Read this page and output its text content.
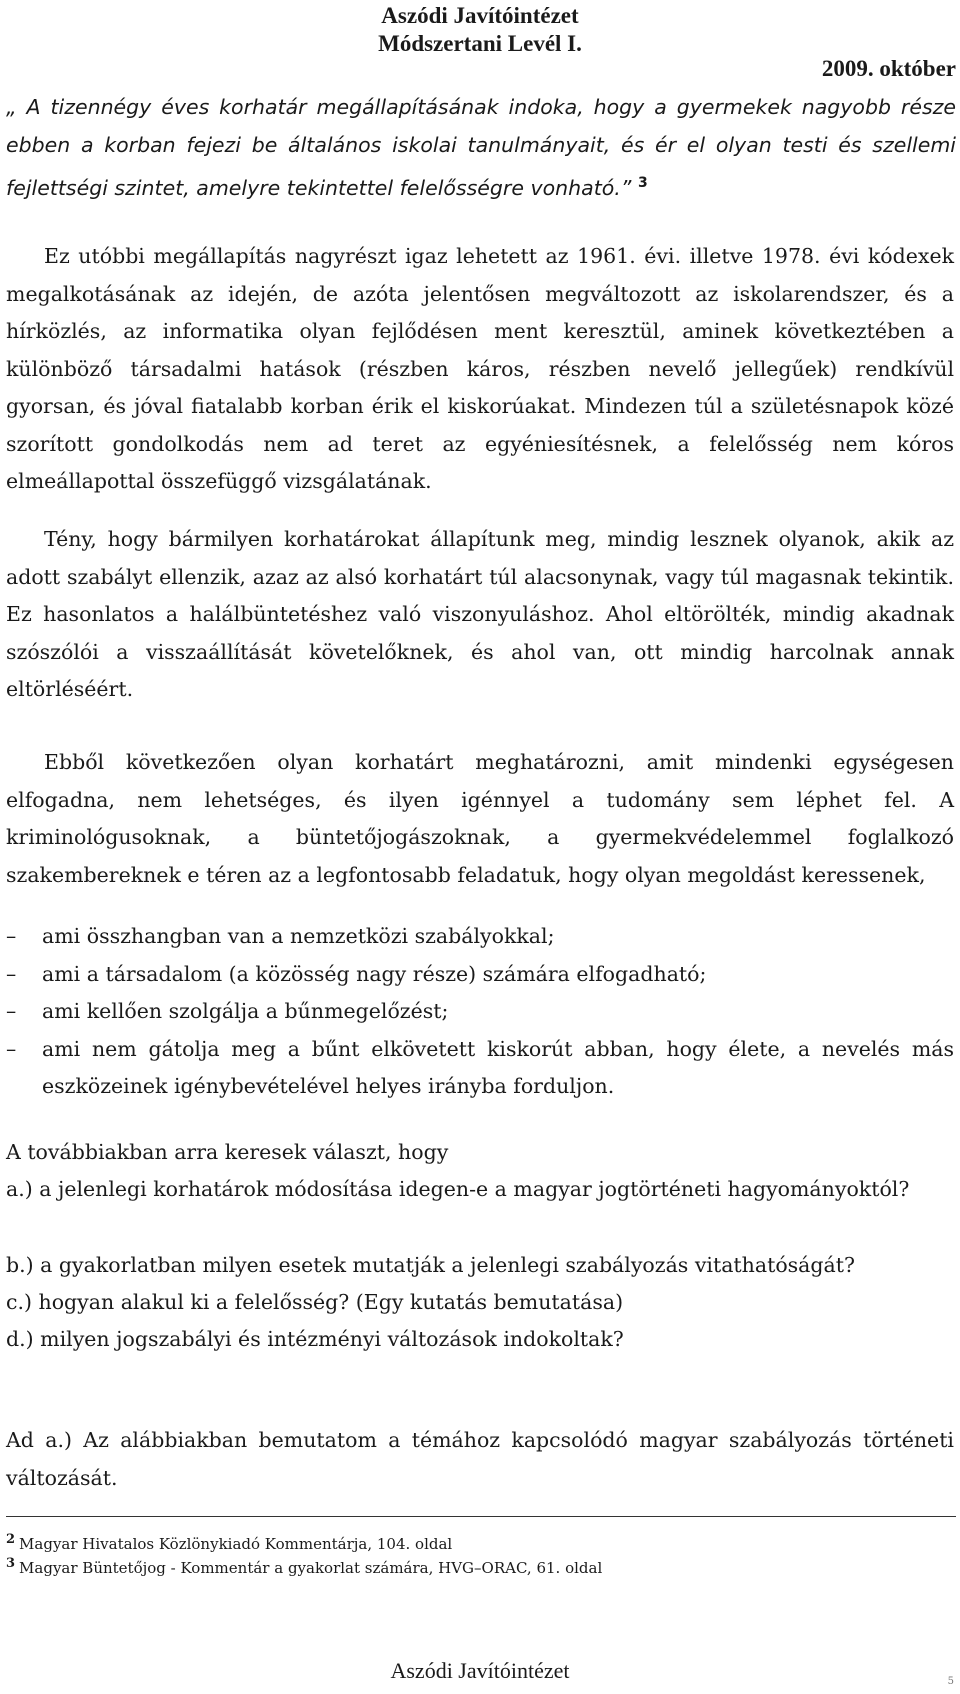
Aszódi Javítóintézet
Módszertani Levél I.
2009. október
„ A tizennégy éves korhatár megállapításának indoka, hogy a gyermekek nagyobb része ebben a korban fejezi be általános iskolai tanulmányait, és ér el olyan testi és szellemi fejlettségi szintet, amelyre tekintettel felelősségre vonható.” $^3$
Ez utóbbi megállapítás nagyrészt igaz lehetett az 1961. évi. illetve 1978. évi kódexek megalkotásának az idején, de azóta jelentősen megváltozott az iskolarendszer, és a hírközlés, az informatika olyan fejlődésen ment keresztül, aminek következtében a különböző társadalmi hatások (részben káros, részben nevelő jellegűek) rendkívül gyorsan, és jóval fiatalabb korban érik el kiskorúakat. Mindezen túl a születésnapok közé szorított gondolkodás nem ad teret az egyéniesítésnek, a felelősség nem kóros elmeállapottal összefüggő vizsgálatának.
Tény, hogy bármilyen korhatárokat állapítunk meg, mindig lesznek olyanok, akik az adott szabályt ellenzik, azaz az alsó korhatárt túl alacsonynak, vagy túl magasnak tekintik. Ez hasonlatos a halálbüntetéshez való viszonyuláshoz. Ahol eltörölték, mindig akadnak szószólói a visszaállítását követelőknek, és ahol van, ott mindig harcolnak annak eltörléséért.
Ebből következően olyan korhatárt meghatározni, amit mindenki egységesen elfogadna, nem lehetséges, és ilyen igénnyel a tudomány sem léphet fel. A kriminológusoknak, a büntetőjogászoknak, a gyermekvédelemmel foglalkozó szakembereknek e téren az a legfontosabb feladatuk, hogy olyan megoldást keressenek,
– ami összhangban van a nemzetközi szabályokkal;
– ami a társadalom (a közösség nagy része) számára elfogadható;
– ami kellően szolgálja a bűnmegelőzést;
– ami nem gátolja meg a bűnt elkövetett kiskorút abban, hogy élete, a nevelés más eszközeinek igénybevételével helyes irányba forduljon.
A továbbiakban arra keresek választ, hogy
a.) a jelenlegi korhatárok módosítása idegen-e a magyar jogtörténeti hagyományoktól?
b.) a gyakorlatban milyen esetek mutatják a jelenlegi szabályozás vitathatóságát?
c.) hogyan alakul ki a felelősség? (Egy kutatás bemutatása)
d.) milyen jogszabályi és intézményi változások indokoltak?
Ad a.) Az alábbiakban bemutatom a témához kapcsolódó magyar szabályozás történeti változását.
$^2$ Magyar Hivatalos Közlönykiadó Kommentárja, 104. oldal
$^3$ Magyar Büntetőjog - Kommentár a gyakorlat számára, HVG–ORAC, 61. oldal
Aszódi Javítóintézet	5
